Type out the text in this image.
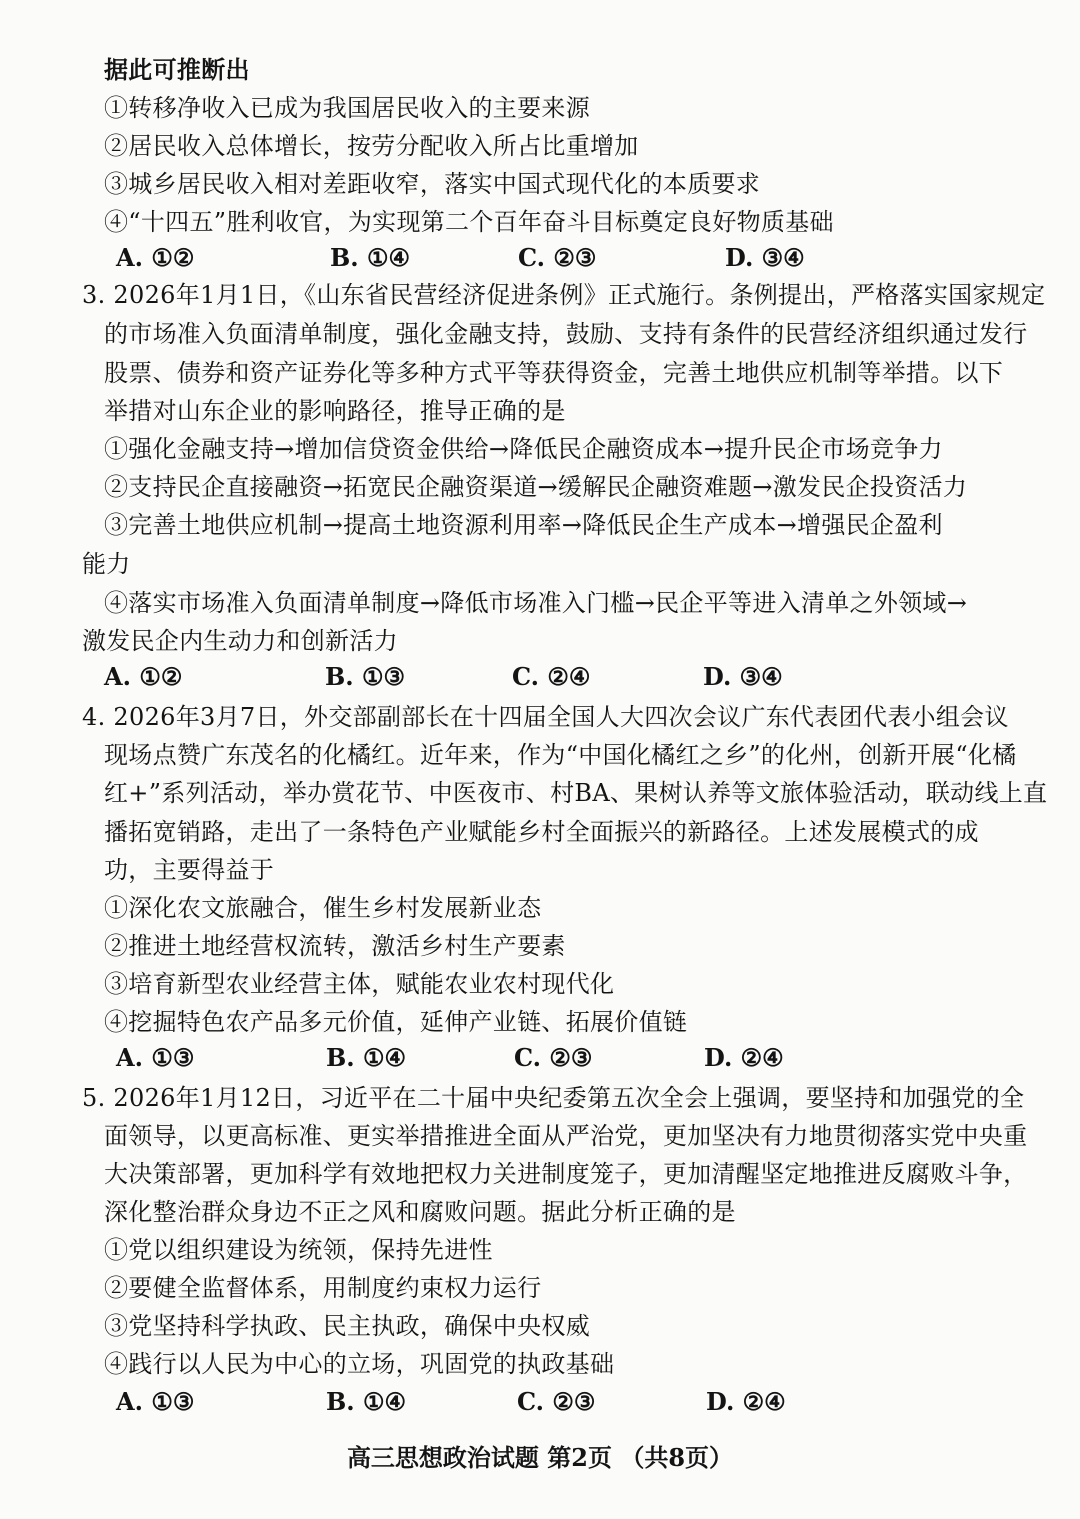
据此可推断出
①转移净收入已成为我国居民收入的主要来源
②居民收入总体增长，按劳分配收入所占比重增加
③城乡居民收入相对差距收窄，落实中国式现代化的本质要求
④“十四五”胜利收官，为实现第二个百年奋斗目标奠定良好物质基础
A. ①②	B. ①④	C. ②③	D. ③④
3. 2026年1月1日，《山东省民营经济促进条例》正式施行。条例提出，严格落实国家规定
的市场准入负面清单制度，强化金融支持，鼓励、支持有条件的民营经济组织通过发行
股票、债券和资产证券化等多种方式平等获得资金，完善土地供应机制等举措。以下
举措对山东企业的影响路径，推导正确的是
①强化金融支持→增加信贷资金供给→降低民企融资成本→提升民企市场竞争力
②支持民企直接融资→拓宽民企融资渠道→缓解民企融资难题→激发民企投资活力
③完善土地供应机制→提高土地资源利用率→降低民企生产成本→增强民企盈利
能力
④落实市场准入负面清单制度→降低市场准入门槛→民企平等进入清单之外领域→
激发民企内生动力和创新活力
A. ①②	B. ①③	C. ②④	D. ③④
4. 2026年3月7日，外交部副部长在十四届全国人大四次会议广东代表团代表小组会议
现场点赞广东茂名的化橘红。近年来，作为“中国化橘红之乡”的化州，创新开展“化橘
红+”系列活动，举办赏花节、中医夜市、村BA、果树认养等文旅体验活动，联动线上直
播拓宽销路，走出了一条特色产业赋能乡村全面振兴的新路径。上述发展模式的成
功，主要得益于
①深化农文旅融合，催生乡村发展新业态
②推进土地经营权流转，激活乡村生产要素
③培育新型农业经营主体，赋能农业农村现代化
④挖掘特色农产品多元价值，延伸产业链、拓展价值链
A. ①③	B. ①④	C. ②③	D. ②④
5. 2026年1月12日，习近平在二十届中央纪委第五次全会上强调，要坚持和加强党的全
面领导，以更高标准、更实举措推进全面从严治党，更加坚决有力地贯彻落实党中央重
大决策部署，更加科学有效地把权力关进制度笼子，更加清醒坚定地推进反腐败斗争，
深化整治群众身边不正之风和腐败问题。据此分析正确的是
①党以组织建设为统领，保持先进性
②要健全监督体系，用制度约束权力运行
③党坚持科学执政、民主执政，确保中央权威
④践行以人民为中心的立场，巩固党的执政基础
A. ①③	B. ①④	C. ②③	D. ②④
高三思想政治试题 第2页 （共8页）
